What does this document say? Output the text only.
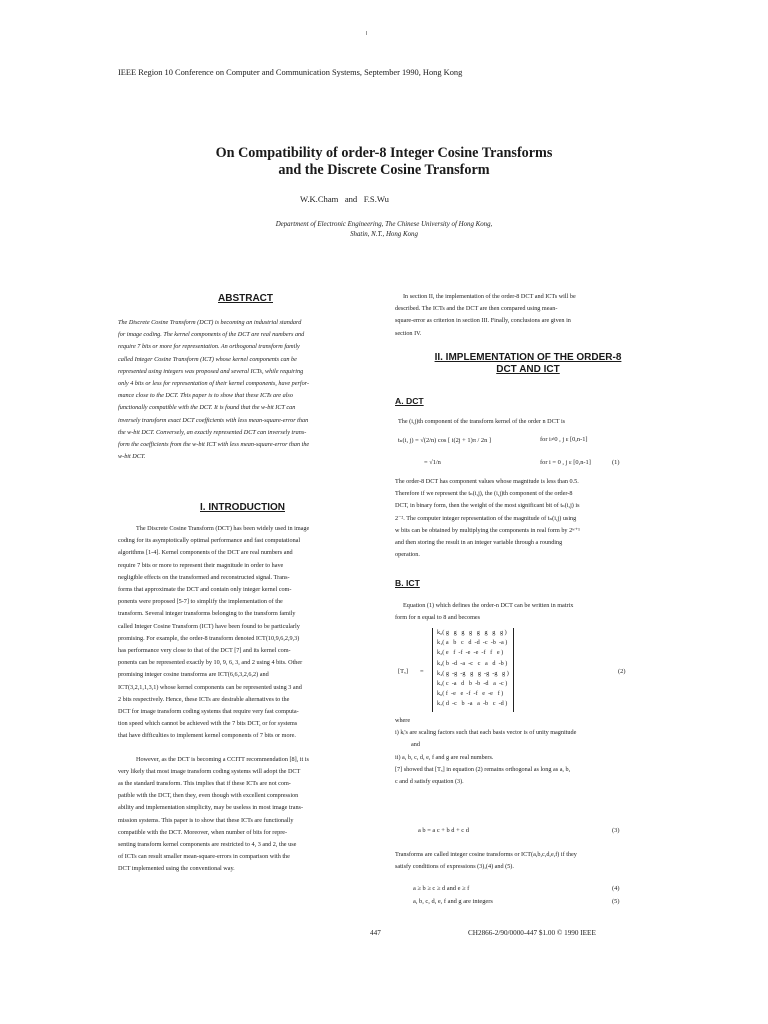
IEEE Region 10 Conference on Computer and Communication Systems, September 1990, Hong Kong
On Compatibility of order-8 Integer Cosine Transforms
and the Discrete Cosine Transform
W.K.Cham and F.S.Wu
Department of Electronic Engineering, The Chinese University of Hong Kong,
Shatin, N.T., Hong Kong
ABSTRACT

The Discrete Cosine Transform (DCT) is becoming an industrial standard

for image coding. The kernel components of the DCT are real numbers and

require 7 bits or more for representation. An orthogonal transform family

called Integer Cosine Transform (ICT) whose kernel components can be

represented using integers was proposed and several ICTs, while requiring

only 4 bits or less for representation of their kernel components, have perfor-

mance close to the DCT. This paper is to show that these ICTs are also

functionally compatible with the DCT. It is found that the w-bit ICT can

inversely transform exact DCT coefficients with less mean-square-error than

the w-bit DCT. Conversely, an exactly represented DCT can inversely trans-

form the coefficients from the w-bit ICT with less mean-square-error than the

w-bit DCT.

I. INTRODUCTION

The Discrete Cosine Transform (DCT) has been widely used in image

coding for its asymptotically optimal performance and fast computational

algorithms [1-4]. Kernel components of the DCT are real numbers and

require 7 bits or more to represent their magnitude in order to have

negligible effects on the transformed and reconstructed signal. Trans-

forms that approximate the DCT and contain only integer kernel com-

ponents were proposed [5-7] to simplify the implementation of the

transform. Several integer transforms belonging to the transform family

called Integer Cosine Transform (ICT) have been found to be particularly

promising. For example, the order-8 transform denoted ICT(10,9,6,2,9,3)

has performance very close to that of the DCT [7] and its kernel com-

ponents can be represented exactly by 10, 9, 6, 3, and 2 using 4 bits. Other

promising integer cosine transforms are ICT(6,6,3,2,6,2) and

ICT(3,2,1,1,3,1) whose kernel components can be represented using 3 and

2 bits respectively. Hence, these ICTs are desirable alternatives to the

DCT for image transform coding systems that require very fast computa-

tion speed which cannot be achieved with the 7 bits DCT, or for systems

that have difficulties to implement kernel components of 7 bits or more.

However, as the DCT is becoming a CCITT recommendation [8], it is

very likely that most image transform coding systems will adopt the DCT

as the standard transform. This implies that if these ICTs are not com-

patible with the DCT, then they, even though with excellent compression

ability and implementation simplicity, may be useless in most image trans-

mission systems. This paper is to show that these ICTs are functionally

compatible with the DCT. Moreover, when number of bits for repre-

senting transform kernel components are restricted to 4, 3 and 2, the use

of ICTs can result smaller mean-square-errors in comparison with the

DCT implemented using the conventional way.

In section II, the implementation of the order-8 DCT and ICTs will be

described. The ICTs and the DCT are then compared using mean-

square-error as criterion in section III. Finally, conclusions are given in

section IV.

II. IMPLEMENTATION OF THE ORDER-8
DCT AND ICT
A. DCT
The (i,j)th component of the transform kernel of the order n DCT is
tₙ(i, j) = √(2/n) cos [ i(2j + 1)π / 2n ]	for i≠0 , j ε [0,n-1]
= √1/n	for i = 0 , j ε [0,n-1]	(1)

The order-8 DCT has component values whose magnitude is less than 0.5.

Therefore if we represent the tₙ(i,j), the (i,j)th component of the order-8

DCT, in binary form, then the weight of the most significant bit of tₙ(i,j) is

2⁻². The computer integer representation of the magnitude of tₙ(i,j) using

w bits can be obtained by multiplying the components in real form by 2ʷ⁺¹

and then storing the result in an integer variable through a rounding

operation.

B. ICT

Equation (1) which defines the order-n DCT can be written in matrix

form for n equal to 8 and becomes

[Tₓ] =
k₀( g   g   g   g   g   g   g   g )
k₁( a   b   c   d  -d  -c  -b  -a )
k₂( e   f  -f  -e  -e  -f   f   e )
k₃( b  -d  -a  -c   c   a   d  -b )
k₄( g  -g  -g   g   g  -g  -g   g )
k₅( c  -a   d   b  -b  -d   a  -c )
k₆( f  -e   e  -f  -f   e  -e   f )
k₇( d  -c   b  -a   a  -b   c  -d )
(2)

where

i) kᵢ's are scaling factors such that each basis vector is of unity magnitude

and

ii) a, b, c, d, e, f and g are real numbers.

[7] showed that [Tₓ] in equation (2) remains orthogonal as long as a, b,

c and d satisfy equation (3).

a b = a c + b d + c d	(3)

Transforms are called integer cosine transforms or ICT(a,b,c,d,e,f) if they

satisfy conditions of expressions (3),(4) and (5).

a ≥ b ≥ c ≥ d and e ≥ f	(4)
a, b, c, d, e, f and g are integers	(5)
447	CH2866-2/90/0000-447 $1.00 © 1990 IEEE
